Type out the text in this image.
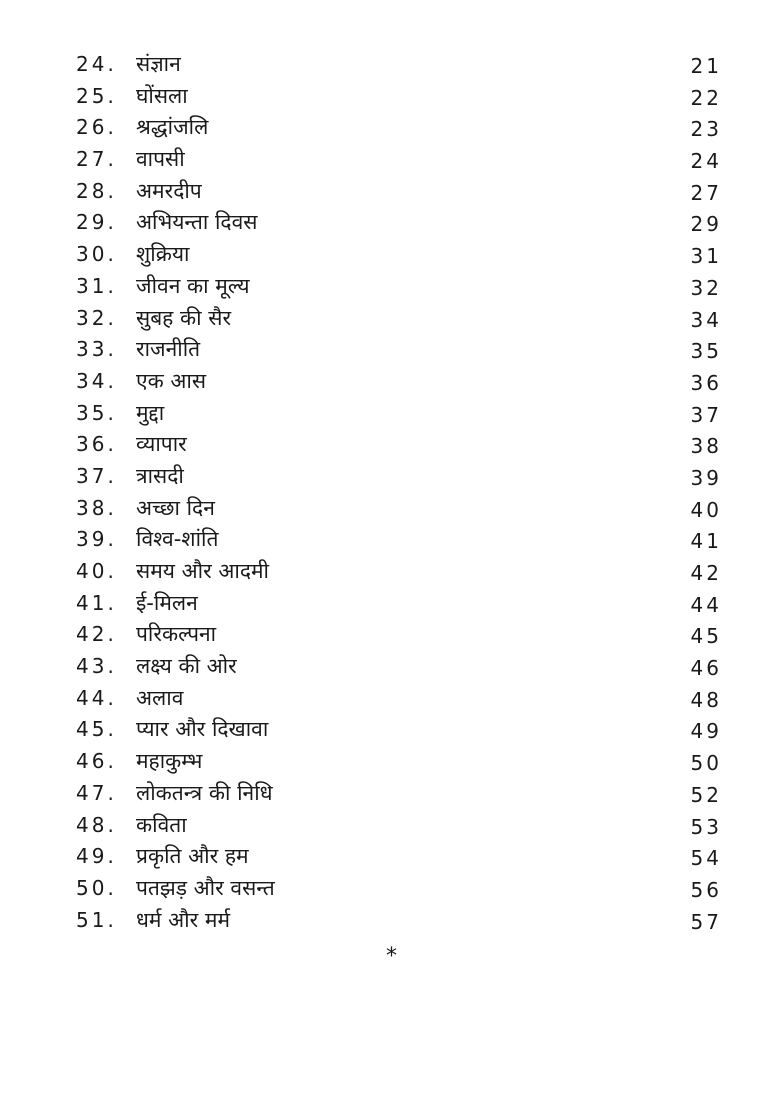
24. संज्ञान	21
25. घोंसला	22
26. श्रद्धांजलि	23
27. वापसी	24
28. अमरदीप	27
29. अभियन्ता दिवस	29
30. शुक्रिया	31
31. जीवन का मूल्य	32
32. सुबह की सैर	34
33. राजनीति	35
34. एक आस	36
35. मुद्दा	37
36. व्यापार	38
37. त्रासदी	39
38. अच्छा दिन	40
39. विश्व-शांति	41
40. समय और आदमी	42
41. ई-मिलन	44
42. परिकल्पना	45
43. लक्ष्य की ओर	46
44. अलाव	48
45. प्यार और दिखावा	49
46. महाकुम्भ	50
47. लोकतन्त्र की निधि	52
48. कविता	53
49. प्रकृति और हम	54
50. पतझड़ और वसन्त	56
51. धर्म और मर्म	57
*
